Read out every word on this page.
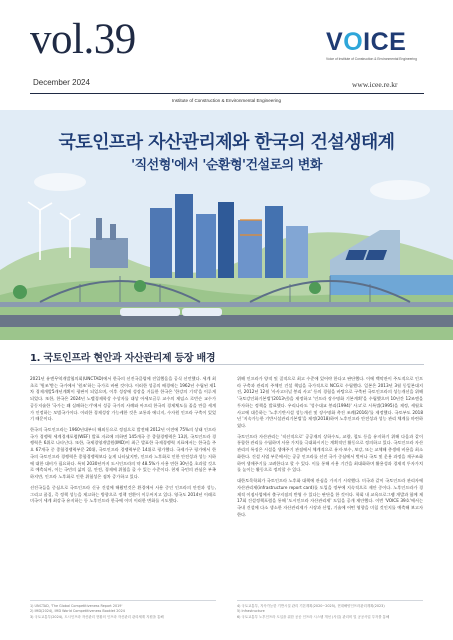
vol.39
December 2024
VOICE
Voice of Institute of Construction & Environmental Engineering
www.icee.re.kr
Institute of Construction & Environmental Engineering
국토인프라 자산관리제와 한국의 건설생태계
'직선형'에서 '순환형'건설로의 변화
1. 국토인프라 현안과 자산관리제 등장 배경

2021년 유엔무역개발협의회(UNCTAD)에서 한국의 선진국클럽에 진입했음을 공식 선언했다. 세계 최초로 '원조'받는 국가에서 '원조'하는 국가로 바뀐 것이다. 이러한 성공의 배경에는 1962년 수립된 제1차 경제개발5개년계획이 평판이 되었으며, 이후 성장에 성장을 거듭한 한국은 '한강의 기적'을 이루게 되었다. 또한, 한국은 2024년 노벨경제학상 수상자를 대상 아세모글루 교수의 제임스 로빈슨 교수가 공동저술한 '국가는 왜 실패하는가'에서 성공 국가의 사례와 아프리 한국의 경제체도를 꼽을 만큼 세계가 인정하는 모범국가이다. 이러한 경제성장 가능케한 것은 교통과 에너지, 수자원 인프라 구축이 있었기 때문이다.

한국의 국토인프라는 1960년대부터 해외동으로 정점으로 발전해 2012년 이전에 75%의 상태 인프라 국가 경쟁력 세계경제포럼(WEF) 발표 자료에 의하면 145개국 중 종합경쟁력은 13위, 국토인프라 경쟁력은 6위로 나타난다. 또한, 국제경영개발원(IMD)이 최근 발표한 국제경쟁력 지표에서는 한국을 주요 67개국 중 종합경쟁력부문 20위, 국토인프라 경쟁력부문 14위로 평가했다. 국제가구 평가에서 한국의 국토인프라 경쟁력은 종합경쟁력보다 높게 나타났지만, 인프라 노후화로 인한 안전성과 성능 저하에 대한 대비가 필요하다. 특히 2030년까지 도시인프라의 약 48.5%가 사용 연한 30년을 초과할 것으로 예측되어, 이는 국민의 삶의 질, 안전, 경제에 위협을 줄 수 있는 수준이다. 현재 국민의 관심은 부족하지만, 인프라 노후화로 인한 위험성은 점차 증가하고 있다.

선진국들을 중심으로 국토인프라 신규 건설에 해왔던것은 환경에서 사용 중인 인프라의 안전과 성능, 그리고 품질, 즉 정책 성능을 제고하는 방향으로 정책 전환이 이루어지고 있다. 영국도 2014년 이래로 미국이 세계 최강국 유지하는 등 노후인프라 한국에 이미 이러한 변화를 시도했다.

위해 인프라가 양적 및 질적으로 최고 수준에 있어야 한다고 판단했다. 이에 백악관이 주도적으로 인프라 구축과 관리의 주체인 건설 책임을 국가적으로 NCG로 수립했다. 일본은 2013년 3월 동일본대지진, 2012년 12월 '사사고터널 붕괴 사고' 등의 경험을 바탕으로 구축된 국토인프라의 성능개선을 위해 '국토강인화기본법'(2013년)을 제정하고 '인프라 장수명화 기본계획'을 수립했으며 10년간 12조엔을 투자하는 정책을 발표했다. 우리나라도 '성수대교 붕괴(1994)' 사고'로 시특법(1995)을 제정, 세월호 사고에 대응하는 '노후기반시설 성능개선 및 장수명화 촉진 조례(2016)'를 제정했다. 국토부도 2018년 '지속가능한 기반시설관리기본법'을 제정(2018)하여 노후인프라 안전성과 성능 관리 체계를 마련하였다.

국토인프라 자산관리는 '직선적으로' 공공재의 상하수도, 교량, 철도 등을 유지하기 위해 다음과 같이 통합한 관리를 수립하며 사용 가치를 극대화시키는 계획적인 활동으로 정의하고 있다. 국토인프라 자산관리의 특징은 시설을 생애주기 관점에서 체계적으로 유지·보수, 보강, 또는 교체해 총생애 비용을 최소화한다. 건설 사업 부문에서는 공공 인프라를 선진 국가 중심에서 벗어나 국토 및 운용 과정을 재구조화하여 생애주기를 고려한다고 할 수 있다. 이를 통해 사용 기간을 최대화하며 활용성과 경제적 투자가치를 높이는 활동으로 정의할 수 있다.

대한토목학회가 국토인프라 노후화 대책에 관심을 가지기 시작했다. 미국과 같이 국토인프라 관리자에 자산관리제(infrastructure report card)를 도입을 정부에 지속적으로 제안 중이다. 노후인프라가 경제적 이점사업에서 출구지점의 반영 수 있다는 판단을 한 것이다. 학회 내 교육프로그램 개발과 함께 제17회 건설정책포럼을 통해 '도시인프라 자산관리제' 도입을 공개 제안했다. 이번 'VOICE 39호'에서는 국내 건설에 다소 생소한 자산관리제가 시장과 산업, 기술에 어떤 영향을 미칠 것인지를 예측해 보고자 한다.

1) UNCTAD, 'The Global Competitiveness Report 2019'
2) IMD(2024), IMD World Competitiveness Booklet 2024
3) 국토교통부(2024), 도시인프라 자산관리 현황의 인프라 자산관리 관리체계 지원을 통해
4) 국토교통부, 지속가능한 기반시설 관리 기본계획(2020~2025), 현대해양인프라관리계획(2023)
5) Infrastructure
6) 국토교통부 노후인프라 도입을 위한 공공 인프라 시스템 개선 (사업) 관리비 및 공공사업 투자를 통해
